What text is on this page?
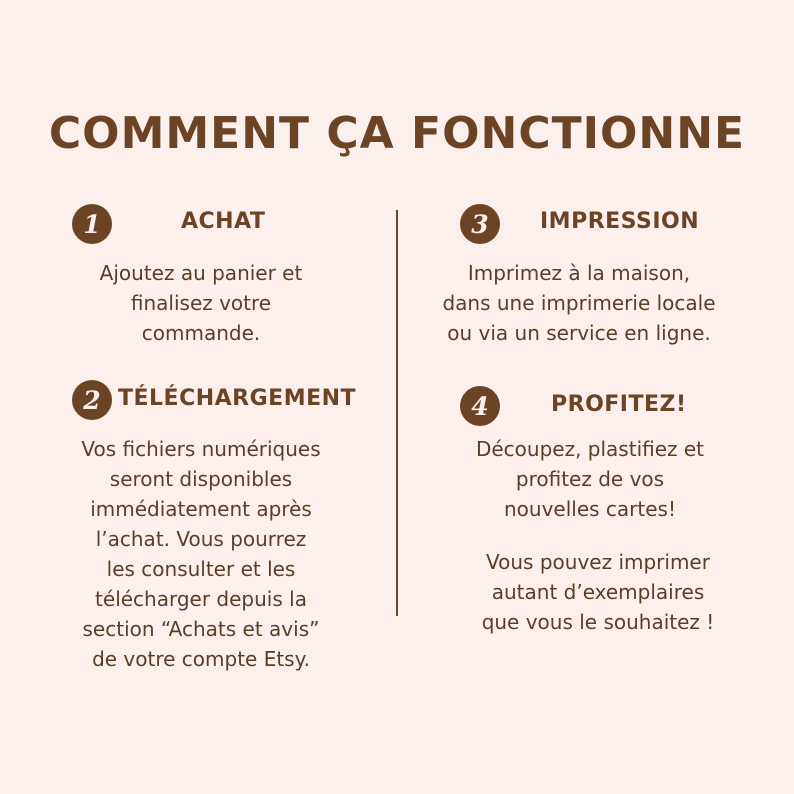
COMMENT ÇA FONCTIONNE
1	ACHAT
Ajoutez au panier et
finalisez votre
commande.
2 TÉLÉCHARGEMENT
Vos fichiers numériques
seront disponibles
immédiatement après
l’achat. Vous pourrez
les consulter et les
télécharger depuis la
section “Achats et avis”
de votre compte Etsy.
3	IMPRESSION
Imprimez à la maison,
dans une imprimerie locale
ou via un service en ligne.
4	PROFITEZ!
Découpez, plastifiez et
profitez de vos
nouvelles cartes!
Vous pouvez imprimer
autant d’exemplaires
que vous le souhaitez !
